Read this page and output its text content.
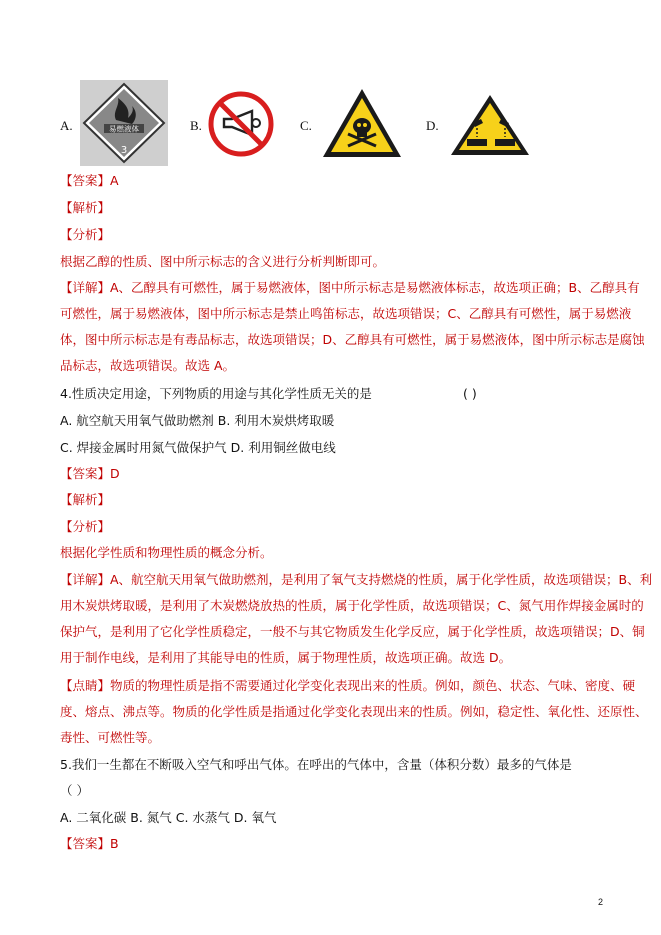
A.	易燃液体
3
B.	C.	D.
【答案】A
【解析】
【分析】
根据乙醇的性质、图中所示标志的含义进行分析判断即可。
【详解】A、乙醇具有可燃性，属于易燃液体，图中所示标志是易燃液体标志，故选项正确；B、乙醇具有
可燃性，属于易燃液体，图中所示标志是禁止鸣笛标志，故选项错误；C、乙醇具有可燃性，属于易燃液
体，图中所示标志是有毒品标志，故选项错误；D、乙醇具有可燃性，属于易燃液体，图中所示标志是腐蚀
品标志，故选项错误。故选 A。
4.性质决定用途，下列物质的用途与其化学性质无关的是	( )
A. 航空航天用氧气做助燃剂 B. 利用木炭烘烤取暖
C. 焊接金属时用氮气做保护气 D. 利用铜丝做电线
【答案】D
【解析】
【分析】
根据化学性质和物理性质的概念分析。
【详解】A、航空航天用氧气做助燃剂，是利用了氧气支持燃烧的性质，属于化学性质，故选项错误；B、利
用木炭烘烤取暖，是利用了木炭燃烧放热的性质，属于化学性质，故选项错误；C、氮气用作焊接金属时的
保护气，是利用了它化学性质稳定，一般不与其它物质发生化学反应，属于化学性质，故选项错误；D、铜
用于制作电线，是利用了其能导电的性质，属于物理性质，故选项正确。故选 D。
【点睛】物质的物理性质是指不需要通过化学变化表现出来的性质。例如，颜色、状态、气味、密度、硬
度、熔点、沸点等。物质的化学性质是指通过化学变化表现出来的性质。例如，稳定性、氧化性、还原性、
毒性、可燃性等。
5.我们一生都在不断吸入空气和呼出气体。在呼出的气体中，含量（体积分数）最多的气体是
（ ）
A. 二氧化碳 B. 氮气 C. 水蒸气 D. 氧气
【答案】B
2
